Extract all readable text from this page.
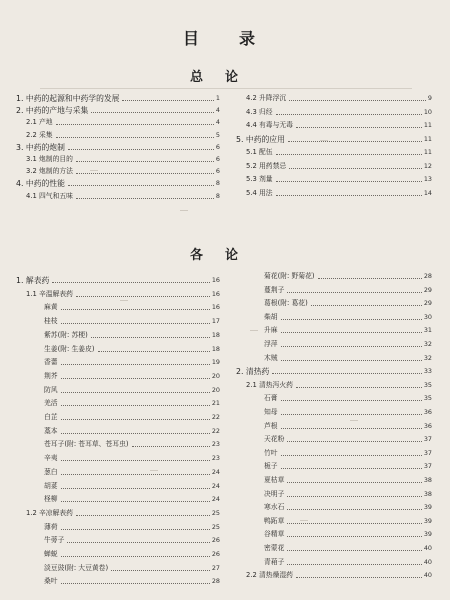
目　录
总论
各论
1. 中药的起源和中药学的发展	1
2. 中药的产地与采集	4
2.1 产地	4
2.2 采集	5
3. 中药的炮制	6
3.1 炮制的目的	6
3.2 炮制的方法	6
4. 中药的性能	8
4.1 四气和五味	8
4.2 升降浮沉	9
4.3 归经	10
4.4 有毒与无毒	11
5. 中药的应用	11
5.1 配伍	11
5.2 用药禁忌	12
5.3 剂量	13
5.4 用法	14
1. 解表药	16
1.1 辛温解表药	16
麻黄	16
桂枝	17
紫苏(附: 苏梗)	18
生姜(附: 生姜皮)	18
香薷	19
荆芥	20
防风	20
羌活	21
白芷	22
藁本	22
苍耳子(附: 苍耳草、苍耳虫)	23
辛夷	23
葱白	24
胡荽	24
柽柳	24
1.2 辛凉解表药	25
薄荷	25
牛蒡子	26
蝉蜕	26
淡豆豉(附: 大豆黄卷)	27
桑叶	28
菊花(附: 野菊花)	28
蔓荆子	29
葛根(附: 葛花)	29
柴胡	30
升麻	31
浮萍	32
木贼	32
2. 清热药	33
2.1 清热泻火药	35
石膏	35
知母	36
芦根	36
天花粉	37
竹叶	37
栀子	37
夏枯草	38
决明子	38
寒水石	39
鸭跖草	39
谷精草	39
密蒙花	40
青葙子	40
2.2 清热燥湿药	40
